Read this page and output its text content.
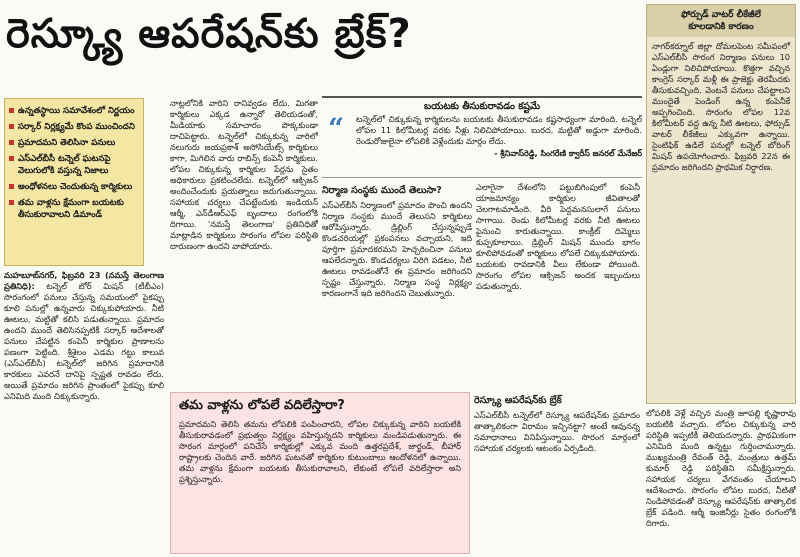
రెస్క్యూ ఆపరేషన్‌కు బ్రేక్?	ఫోర్సుడ్ వాటర్ లీకేజీలే
కూలడానికి కారణం
నాగర్‌కర్నూల్ జిల్లా దోమలపెంట సమీపంలో ఎస్‌ఎల్‌బీసీ సొరంగ నిర్మాణం పనులు 10 ఏండ్లుగా నిలిచిపోయాయి. కొత్తగా వచ్చిన కాంగ్రెస్ సర్కార్ మళ్లీ ఈ ప్రాజెక్టు తెరమీదకు తీసుకువచ్చింది. వెంటనే పనులు చేపట్టాలని ముందైతే పెండింగ్ ఉన్న కంపెనీకే అప్పగించింది. సొరంగం లోపల 12వ కిలోమీటర్ వద్ద ఉన్న నీటి ఊటలు, ఫోర్సుడ్ వాటర్ లీకేజీలు ఎక్కువగా ఉన్నాయి. సైంటిఫిక్ ఉడిలే పనుల్లో టన్నెల్ బోరింగ్ మిషన్ ఉపయోగించారు. ఫిబ్రవరి 22న ఈ ప్రమాదం జరిగిందని ప్రాథమిక నిర్ధారణ.
ఉన్నతస్థాయి సమావేశంలో నిర్ణయం
సర్కార్ నిర్లక్ష్యమే కొంప ముంచిందని
ప్రమాదమని తెలిసినా పనులు
ఎస్‌ఎల్‌బీసీ టన్నెల్ ఘటనపై వెలుగులోకి వస్తున్న నిజాలు
అంధోళనలు చెందుతున్న కార్మికులు
తమ వాళ్లను క్షేమంగా బయటకు తీసుకురావాలని డిమాండ్

మహబూబ్‌నగర్, ఫిబ్రవరి 23 (నమస్తే తెలంగాణ ప్రతినిధి): టన్నెల్ బోర్ మిషన్ (టీబీఎం) సొరంగంలో పనులు చేస్తున్న సమయంలో పైకప్పు కూలి పనుల్లో ఉన్నవారు చిక్కుకుపోయారు. నీటి ఊటలు, మట్టితో కలిసి పడుతున్నాయి. ప్రమాదం ఉందని ముందే తెలిసినప్పటికీ సర్కార్ ఆదేశాలతో పనులు చేపట్టిన కంపెనీ కార్మికుల ప్రాణాలను పణంగా పెట్టింది. శ్రీశైలం ఎడమ గట్టు కాలువ (ఎస్‌ఎల్‌బీసీ) టన్నెల్‌లో జరిగిన ప్రమాదానికి కారకులు ఎవరనే దానిపై స్పష్టత రావడం లేదు. అయితే ప్రమాదం జరిగిన ప్రాంతంలో పైకప్పు కూలి ఎనిమిది మంది చిక్కుకున్నారు.

నాట్లలోనికి వారిని రానివ్వడం లేదు. మిగతా కార్మికులు ఎక్కడ ఉన్నారో తెలియడంతో, మీడియాకు సమాచారం పొక్కకుండా దాచిపెట్టారు. టన్నెల్‌లో చిక్కుకున్న వారిలో నలుగురు జయప్రకాశ్ అసోసియేట్స్ కార్మికులు కాగా, మిగిలిన వారు రాబిన్స్ కంపెనీ కార్మికులు. లోపల చిక్కుకున్న కార్మికుల పేర్లను సైతం అధికారులు ప్రకటించలేదు. టన్నెల్‌లో ఆక్సిజన్ అందించేందుకు ప్రయత్నాలు జరుగుతున్నాయి. సహాయక చర్యలు చేపట్టేందుకు ఇండియన్ ఆర్మీ, ఎన్‌డీఆర్‌ఎఫ్ బృందాలు రంగంలోకి దిగాయి. 'నమస్తే తెలంగాణ' ప్రతినిధితో మాట్లాడిన కార్మికులు సొరంగం లోపల పరిస్థితి దారుణంగా ఉందని వాపోయారు.

“
బయటకు తీసుకురావడం కష్టమే
టన్నెల్‌లో చిక్కుకున్న కార్మికులను బయటకు తీసుకురావడం కష్టసాధ్యంగా మారింది. టన్నెల్ లోపల 11 కిలోమీటర్ల వరకు నీళ్లు నిలిచిపోయాయి. బురద, మట్టితో అడ్డుగా మారింది. రెండురోజులైనా లోపలికి వెళ్లేందుకు మార్గం లేదు.
- శ్రీనివాస్‌రెడ్డి, సింగరేణి క్వారీస్ జనరల్ మేనేజర్
నిర్మాణ సంస్థకు ముందే తెలుసా?

ఎస్‌ఎల్‌బీసీ నిర్మాణంలో ప్రమాదం పొంచి ఉందని నిర్మాణ సంస్థకు ముందే తెలుసని కార్మికులు ఆరోపిస్తున్నారు. డ్రిల్లింగ్ చేస్తున్నప్పుడే కొండచరియల్లో ప్రకంపనలు వచ్చాయని, ఇది పూర్తిగా ప్రమాదకరమని హెచ్చరించినా పనులు ఆపలేదన్నారు. కొండచర్యలు విరిగి పడటం, నీటి ఊటలు రావడంతోనే ఈ ప్రమాదం జరిగిందని స్పష్టం చేస్తున్నారు. నిర్మాణ సంస్థ నిర్లక్ష్యం కారణంగానే ఇది జరిగిందని చెబుతున్నారు.

ఎలాగైనా దేశంలోని పట్టుబిగింపులో కంపెనీ యాజమాన్యం కార్మికుల జీవితాలతో చెలగాటమాడింది. వీరి పెద్దమనసులాగే పనులు సాగాయి. రెండు కిలోమీటర్ల వరకు నీటి ఊటలు పైనుంచి కారుతున్నాయి. కాంక్రీట్ దిమ్మెలు కుప్పకూలాయి. డ్రిల్లింగ్ మిషన్ ముందు భాగం కూలిపోవడంతో కార్మికులు లోపలే చిక్కుకుపోయారు. బయటకు రావడానికి వీలు లేకుండా పోయింది. సొరంగం లోపల ఆక్సిజన్ అందక ఇబ్బందులు పడుతున్నారు.

లోపలికి వెళ్లే వచ్చిన మంత్రి జూపల్లి కృష్ణారావు బయటికి వచ్చారు. లోపల చిక్కుకున్న వారి పరిస్థితి ఇప్పటికీ తెలియదన్నారు. ప్రాథమికంగా ఎనిమిది మంది ఉన్నట్టు గుర్తించామన్నారు. ముఖ్యమంత్రి రేవంత్ రెడ్డి, మంత్రులు ఉత్తమ్ కుమార్ రెడ్డి పరిస్థితిని సమీక్షిస్తున్నారు. సహాయక చర్యలు వేగవంతం చేయాలని ఆదేశించారు. సొరంగం లోపల బురద, నీటితో నిండిపోవడంతో రెస్క్యూ ఆపరేషన్‌కు తాత్కాలిక బ్రేక్ పడింది. ఆర్మీ ఇంజినీర్లు సైతం రంగంలోకి దిగారు.

తమ వాళ్లను లోపలే వదిలేస్తారా?
ప్రమాదమని తెలిసి తమను లోపలికి పంపించారని, లోపల చిక్కుకున్న వారిని బయటికి తీసుకురావడంలో ప్రభుత్వం నిర్లక్ష్యం వహిస్తున్నదని కార్మికులు మండిపడుతున్నారు. ఈ సొరంగ మార్గంలో పనిచేసే కార్మికుల్లో ఎక్కువ మంది ఉత్తరప్రదేశ్, జార్ఖండ్, బీహార్ రాష్ట్రాలకు చెందిన వారే. జరిగిన ఘటనతో కార్మికుల కుటుంబాలు ఆందోళనలో ఉన్నాయి. తమ వాళ్లను క్షేమంగా బయటకు తీసుకురావాలని, లేకుంటే లోపలే వదిలేస్తారా అని ప్రశ్నిస్తున్నారు.
రెస్క్యూ ఆపరేషన్‌కు బ్రేక్

ఎస్‌ఎల్‌బీసీ టన్నెల్‌లో రెస్క్యూ ఆపరేషన్‌కు ప్రమాదం తాత్కాలికంగా విరామం ఇచ్చినట్టా? అంటే ఆవునన్న సమాధానాలు వినిపిస్తున్నాయి. సొరంగ మార్గంలో సహాయక చర్యలకు ఆటంకం ఏర్పడింది.
